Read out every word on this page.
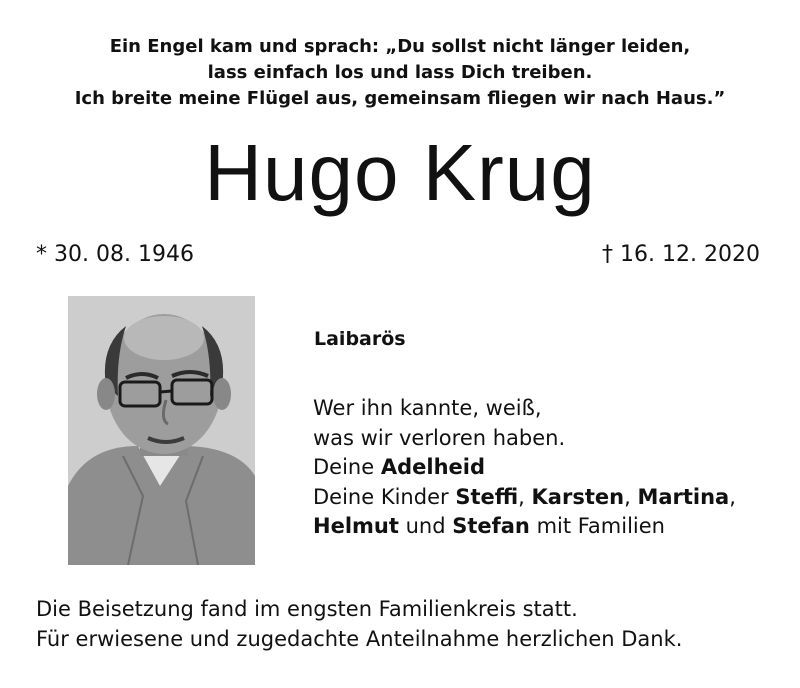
Ein Engel kam und sprach: „Du sollst nicht länger leiden,
lass einfach los und lass Dich treiben.
Ich breite meine Flügel aus, gemeinsam fliegen wir nach Haus.”
Hugo Krug
* 30. 08. 1946	† 16. 12. 2020
Laibarös
Wer ihn kannte, weiß,
was wir verloren haben.
Deine Adelheid
Deine Kinder Steffi, Karsten, Martina,
Helmut und Stefan mit Familien
Die Beisetzung fand im engsten Familienkreis statt.
Für erwiesene und zugedachte Anteilnahme herzlichen Dank.
